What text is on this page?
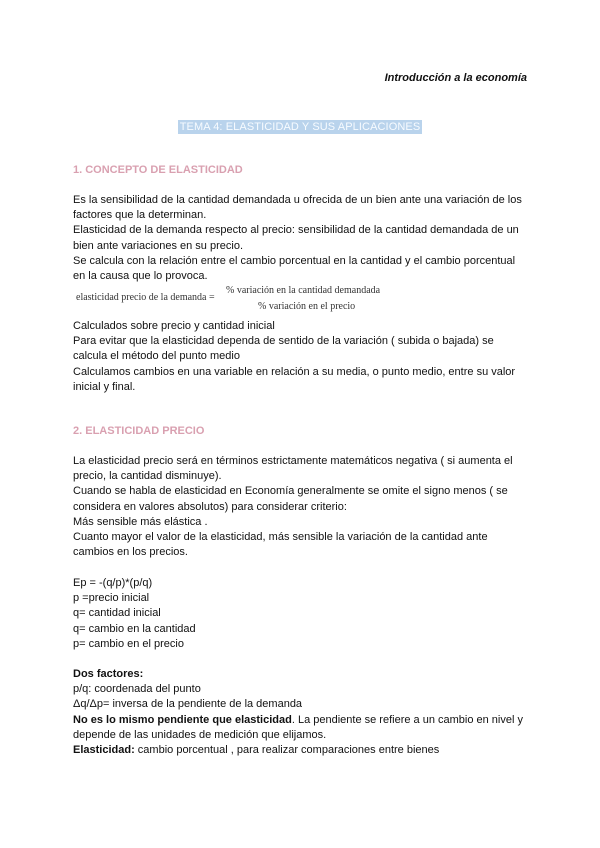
Introducción a la economía
TEMA 4: ELASTICIDAD Y SUS APLICACIONES
1. CONCEPTO DE ELASTICIDAD
Es la sensibilidad de la cantidad demandada u ofrecida de un bien ante una variación de los
factores que la determinan.
Elasticidad de la demanda respecto al precio: sensibilidad de la cantidad demandada de un
bien ante variaciones en su precio.
Se calcula con la relación entre el cambio porcentual en la cantidad y el cambio porcentual
en la causa que lo provoca.
elasticidad precio de la demanda =
% variación en la cantidad demandada
% variación en el precio
Calculados sobre precio y cantidad inicial
Para evitar que la elasticidad dependa de sentido de la variación ( subida o bajada) se
calcula el método del punto medio
Calculamos cambios en una variable en relación a su media, o punto medio, entre su valor
inicial y final.
2. ELASTICIDAD PRECIO
La elasticidad precio será en términos estrictamente matemáticos negativa ( si aumenta el
precio, la cantidad disminuye).
Cuando se habla de elasticidad en Economía generalmente se omite el signo menos ( se
considera en valores absolutos) para considerar criterio:
Más sensible más elástica .
Cuanto mayor el valor de la elasticidad, más sensible la variación de la cantidad ante
cambios en los precios.
Ep = -(q/p)*(p/q)
p =precio inicial
q= cantidad inicial
q= cambio en la cantidad
p= cambio en el precio
Dos factores:
p/q: coordenada del punto
Δq/Δp= inversa de la pendiente de la demanda
No es lo mismo pendiente que elasticidad. La pendiente se refiere a un cambio en nivel y
depende de las unidades de medición que elijamos.
Elasticidad: cambio porcentual , para realizar comparaciones entre bienes
